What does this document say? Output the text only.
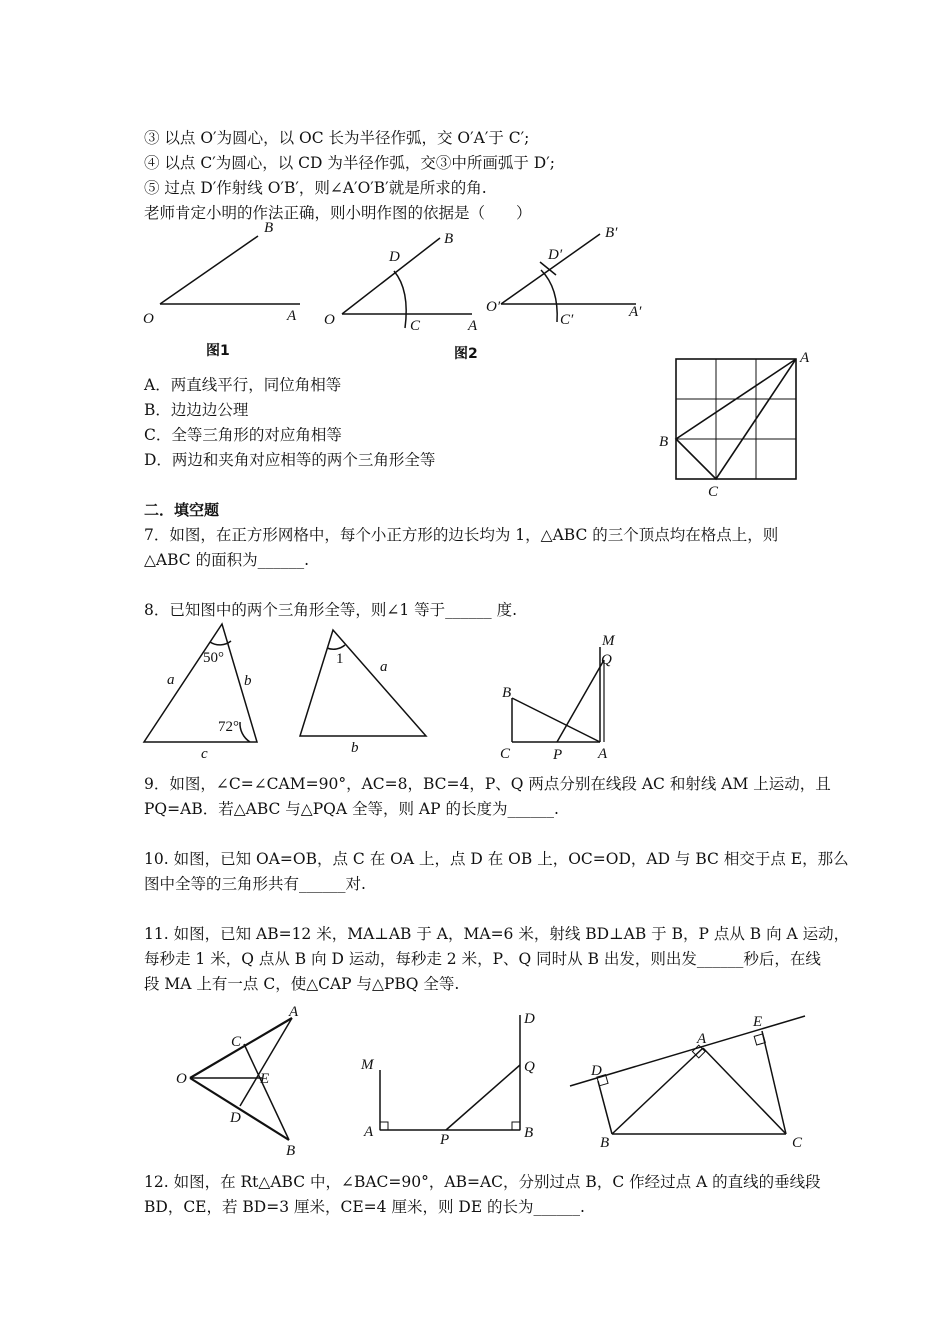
③ 以点 O′为圆心，以 OC 长为半径作弧，交 O′A′于 C′;
④ 以点 C′为圆心，以 CD 为半径作弧，交③中所画弧于 D′;
⑤ 过点 D′作射线 O′B′，则∠A′O′B′就是所求的角.
老师肯定小明的作法正确，则小明作图的依据是（　　）
A．两直线平行，同位角相等
B．边边边公理
C．全等三角形的对应角相等
D．两边和夹角对应相等的两个三角形全等
二．填空题
7．如图，在正方形网格中，每个小正方形的边长均为 1，△ABC 的三个顶点均在格点上，则
△ABC 的面积为______.
8．已知图中的两个三角形全等，则∠1 等于______ 度.
9．如图，∠C=∠CAM=90°，AC=8，BC=4，P、Q 两点分别在线段 AC 和射线 AM 上运动，且
PQ=AB．若△ABC 与△PQA 全等，则 AP 的长度为______.
10. 如图，已知 OA=OB，点 C 在 OA 上，点 D 在 OB 上，OC=OD，AD 与 BC 相交于点 E，那么
图中全等的三角形共有______对.
11. 如图，已知 AB=12 米，MA⊥AB 于 A，MA=6 米，射线 BD⊥AB 于 B，P 点从 B 向 A 运动，
每秒走 1 米，Q 点从 B 向 D 运动，每秒走 2 米，P、Q 同时从 B 出发，则出发______秒后，在线
段 MA 上有一点 C，使△CAP 与△PBQ 全等.
12. 如图，在 Rt△ABC 中，∠BAC=90°，AB=AC，分别过点 B，C 作经过点 A 的直线的垂线段
BD，CE，若 BD=3 厘米，CE=4 厘米，则 DE 的长为______.
O	A
B
图1
O	C	A
B
D
O′
C′	A′
B′
D′
图2	A
B
C
50°
72°
a	b
c
1 a
b
B
C	P A
M
Q
O
A
C
E
D
B
M
A	P	B
D
Q	D
A
E
B	C
